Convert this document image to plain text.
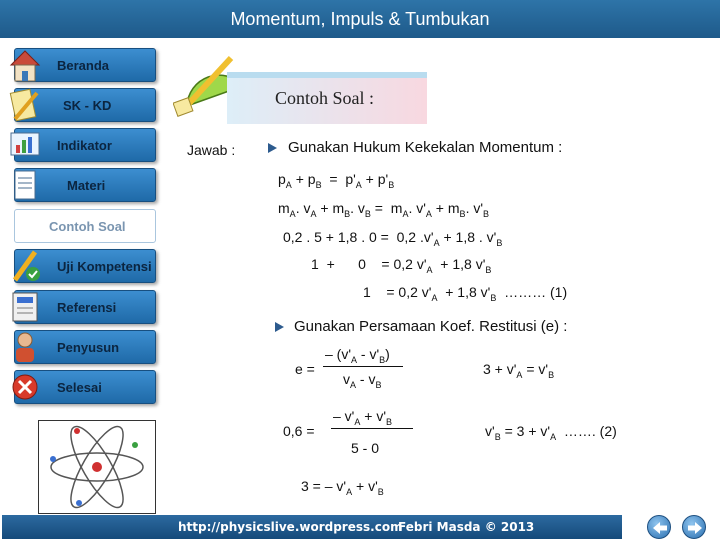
Momentum, Impuls & Tumbukan
Beranda
SK - KD
Indikator
Materi
Contoh Soal
Uji Kompetensi
Referensi
Penyusun
Selesai
Contoh Soal :
Jawab :	Gunakan Hukum Kekekalan Momentum :
$p_A + p_B = p'_A + p'_B$
$m_A$. $v_A + m_B$. $v_B = m_A$. $v'_A + m_B$. $v'_B$
0,2 . 5 + 1,8 . 0 =  0,2 $.v'_A + 1,8$ . $v'_B$
1  +      0    = 0,2 $v'_A + 1,8$ $v'_B$
1    = 0,2 $v'_A + 1,8$ $v'_B$  ……… (1)
Gunakan Persamaan Koef. Restitusi (e) :
e =
– $(v'_A - v'_B)$
$v_A - v_B$
$3 + v'_A = v'_B$
0,6 =
– $v'_A + v'_B$
5 - 0
$v'_B = 3 + v'_A$  ……. (2)
3 = – $v'_A + v'_B$
http://physicslive.wordpress.com
Febri Masda © 2013
